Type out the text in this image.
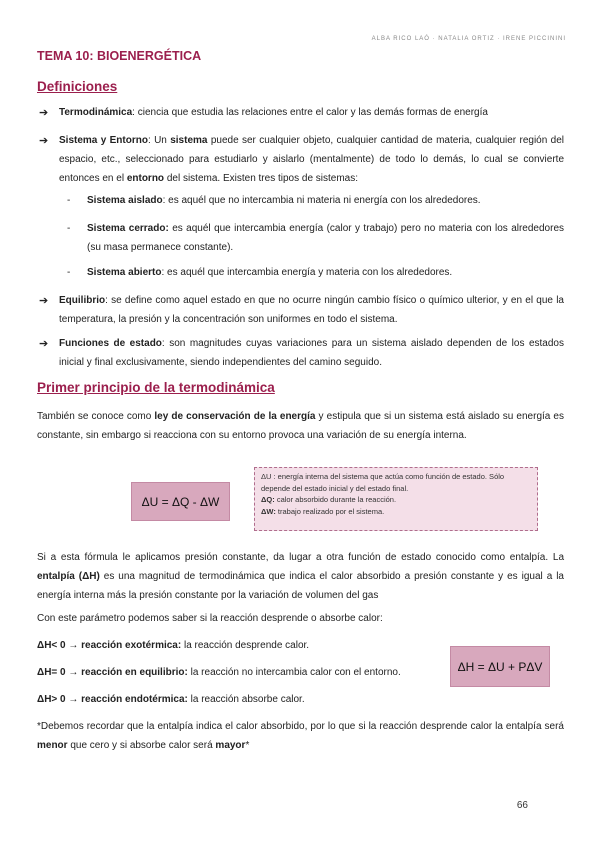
ALBA RICO LAÓ · NATALIA ORTIZ · IRENE PICCININI
TEMA 10: BIOENERGÉTICA
Definiciones
➔ Termodinámica: ciencia que estudia las relaciones entre el calor y las demás formas de energía
➔ Sistema y Entorno: Un sistema puede ser cualquier objeto, cualquier cantidad de materia, cualquier región del espacio, etc., seleccionado para estudiarlo y aislarlo (mentalmente) de todo lo demás, lo cual se convierte entonces en el entorno del sistema. Existen tres tipos de sistemas:
- Sistema aislado: es aquél que no intercambia ni materia ni energía con los alrededores.
- Sistema cerrado: es aquél que intercambia energía (calor y trabajo) pero no materia con los alrededores (su masa permanece constante).
- Sistema abierto: es aquél que intercambia energía y materia con los alrededores.
➔ Equilibrio: se define como aquel estado en que no ocurre ningún cambio físico o químico ulterior, y en el que la temperatura, la presión y la concentración son uniformes en todo el sistema.
➔ Funciones de estado: son magnitudes cuyas variaciones para un sistema aislado dependen de los estados inicial y final exclusivamente, siendo independientes del camino seguido.
Primer principio de la termodinámica
También se conoce como ley de conservación de la energía y estipula que si un sistema está aislado su energía es constante, sin embargo si reacciona con su entorno provoca una variación de su energía interna.
ΔU = ΔQ - ΔW
ΔU : energía interna del sistema que actúa como función de estado. Sólo depende del estado inicial y del estado final.
ΔQ: calor absorbido durante la reacción.
ΔW: trabajo realizado por el sistema.
Si a esta fórmula le aplicamos presión constante, da lugar a otra función de estado conocido como entalpía. La entalpía (ΔH) es una magnitud de termodinámica que indica el calor absorbido a presión constante y es igual a la energía interna más la presión constante por la variación de volumen del gas
Con este parámetro podemos saber si la reacción desprende o absorbe calor:
ΔH< 0 → reacción exotérmica: la reacción desprende calor.
ΔH= 0 → reacción en equilibrio: la reacción no intercambia calor con el entorno.
ΔH> 0 → reacción endotérmica: la reacción absorbe calor.
ΔH = ΔU + PΔV
*Debemos recordar que la entalpía indica el calor absorbido, por lo que si la reacción desprende calor la entalpía será menor que cero y si absorbe calor será mayor*
66
